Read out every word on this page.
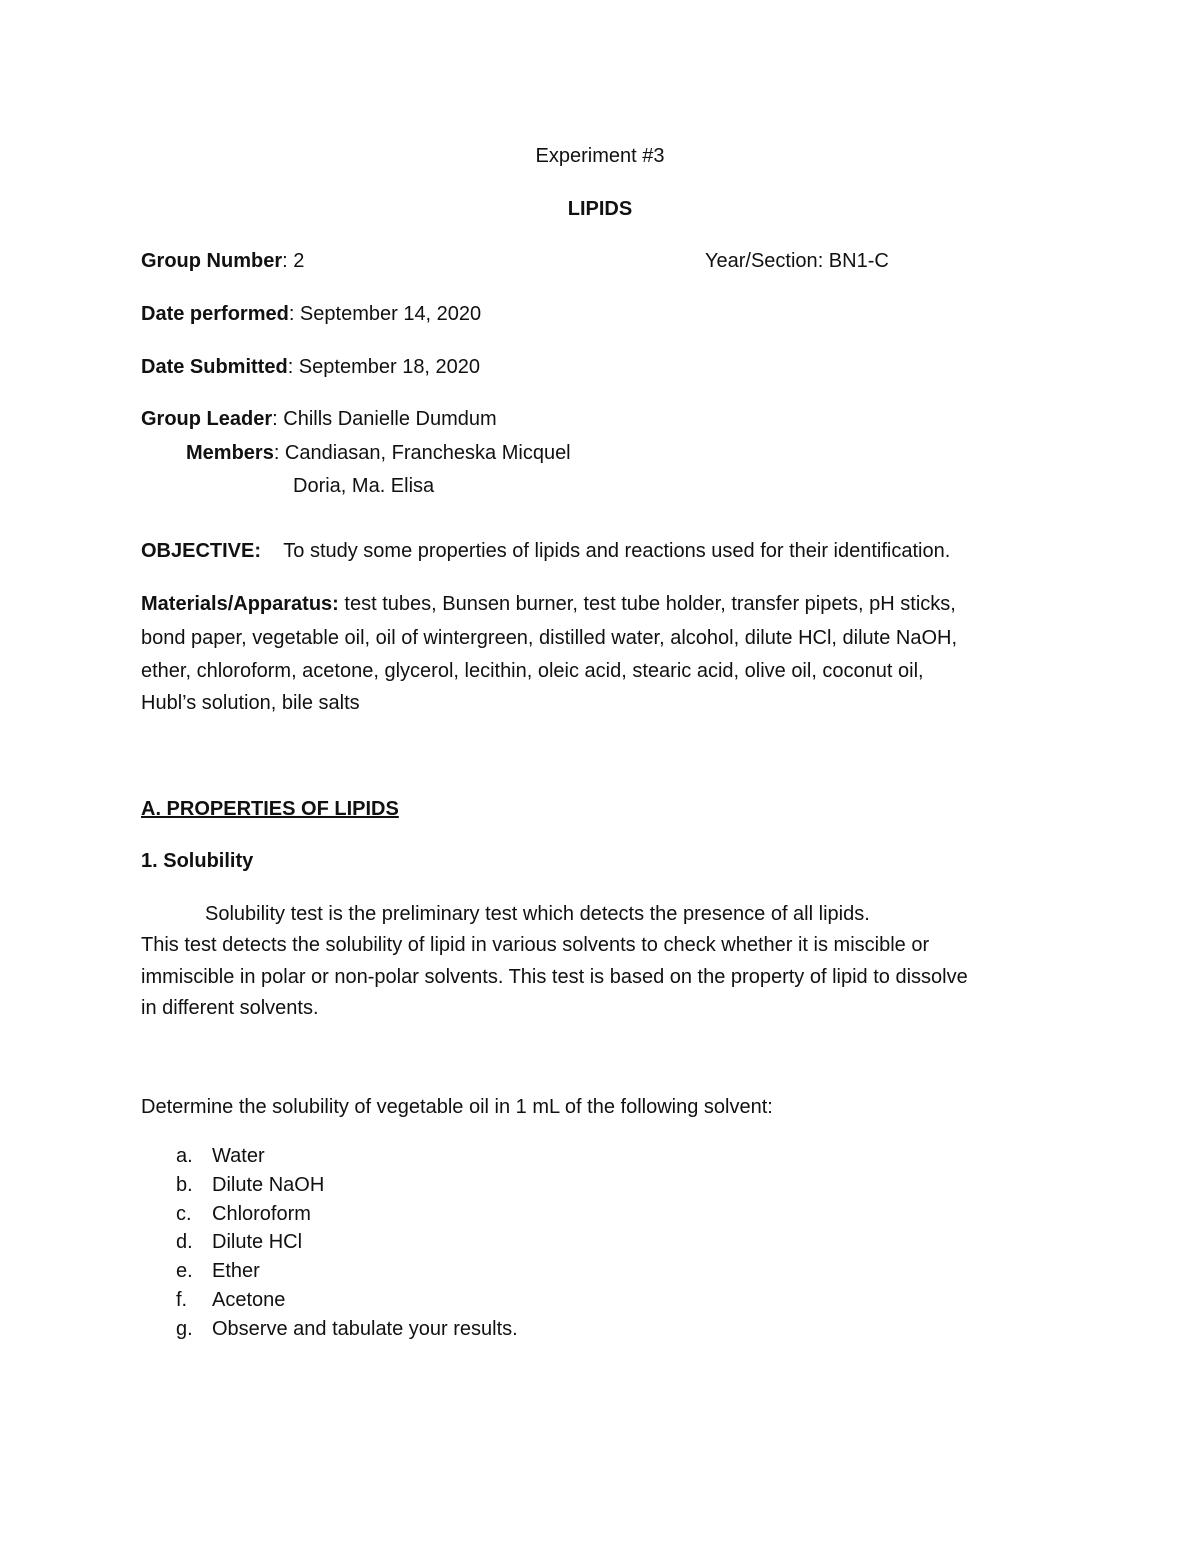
Experiment #3
LIPIDS
Group Number: 2	Year/Section: BN1-C
Date performed: September 14, 2020
Date Submitted: September 18, 2020
Group Leader: Chills Danielle Dumdum
Members: Candiasan, Francheska Micquel
Doria, Ma. Elisa
OBJECTIVE: To study some properties of lipids and reactions used for their identification.
Materials/Apparatus: test tubes, Bunsen burner, test tube holder, transfer pipets, pH sticks,
bond paper, vegetable oil, oil of wintergreen, distilled water, alcohol, dilute HCl, dilute NaOH,
ether, chloroform, acetone, glycerol, lecithin, oleic acid, stearic acid, olive oil, coconut oil,
Hubl’s solution, bile salts
A. PROPERTIES OF LIPIDS
1. Solubility
Solubility test is the preliminary test which detects the presence of all lipids.
This test detects the solubility of lipid in various solvents to check whether it is miscible or
immiscible in polar or non-polar solvents. This test is based on the property of lipid to dissolve
in different solvents.
Determine the solubility of vegetable oil in 1 mL of the following solvent:
a. Water
b. Dilute NaOH
c. Chloroform
d. Dilute HCl
e. Ether
f. Acetone
g. Observe and tabulate your results.
